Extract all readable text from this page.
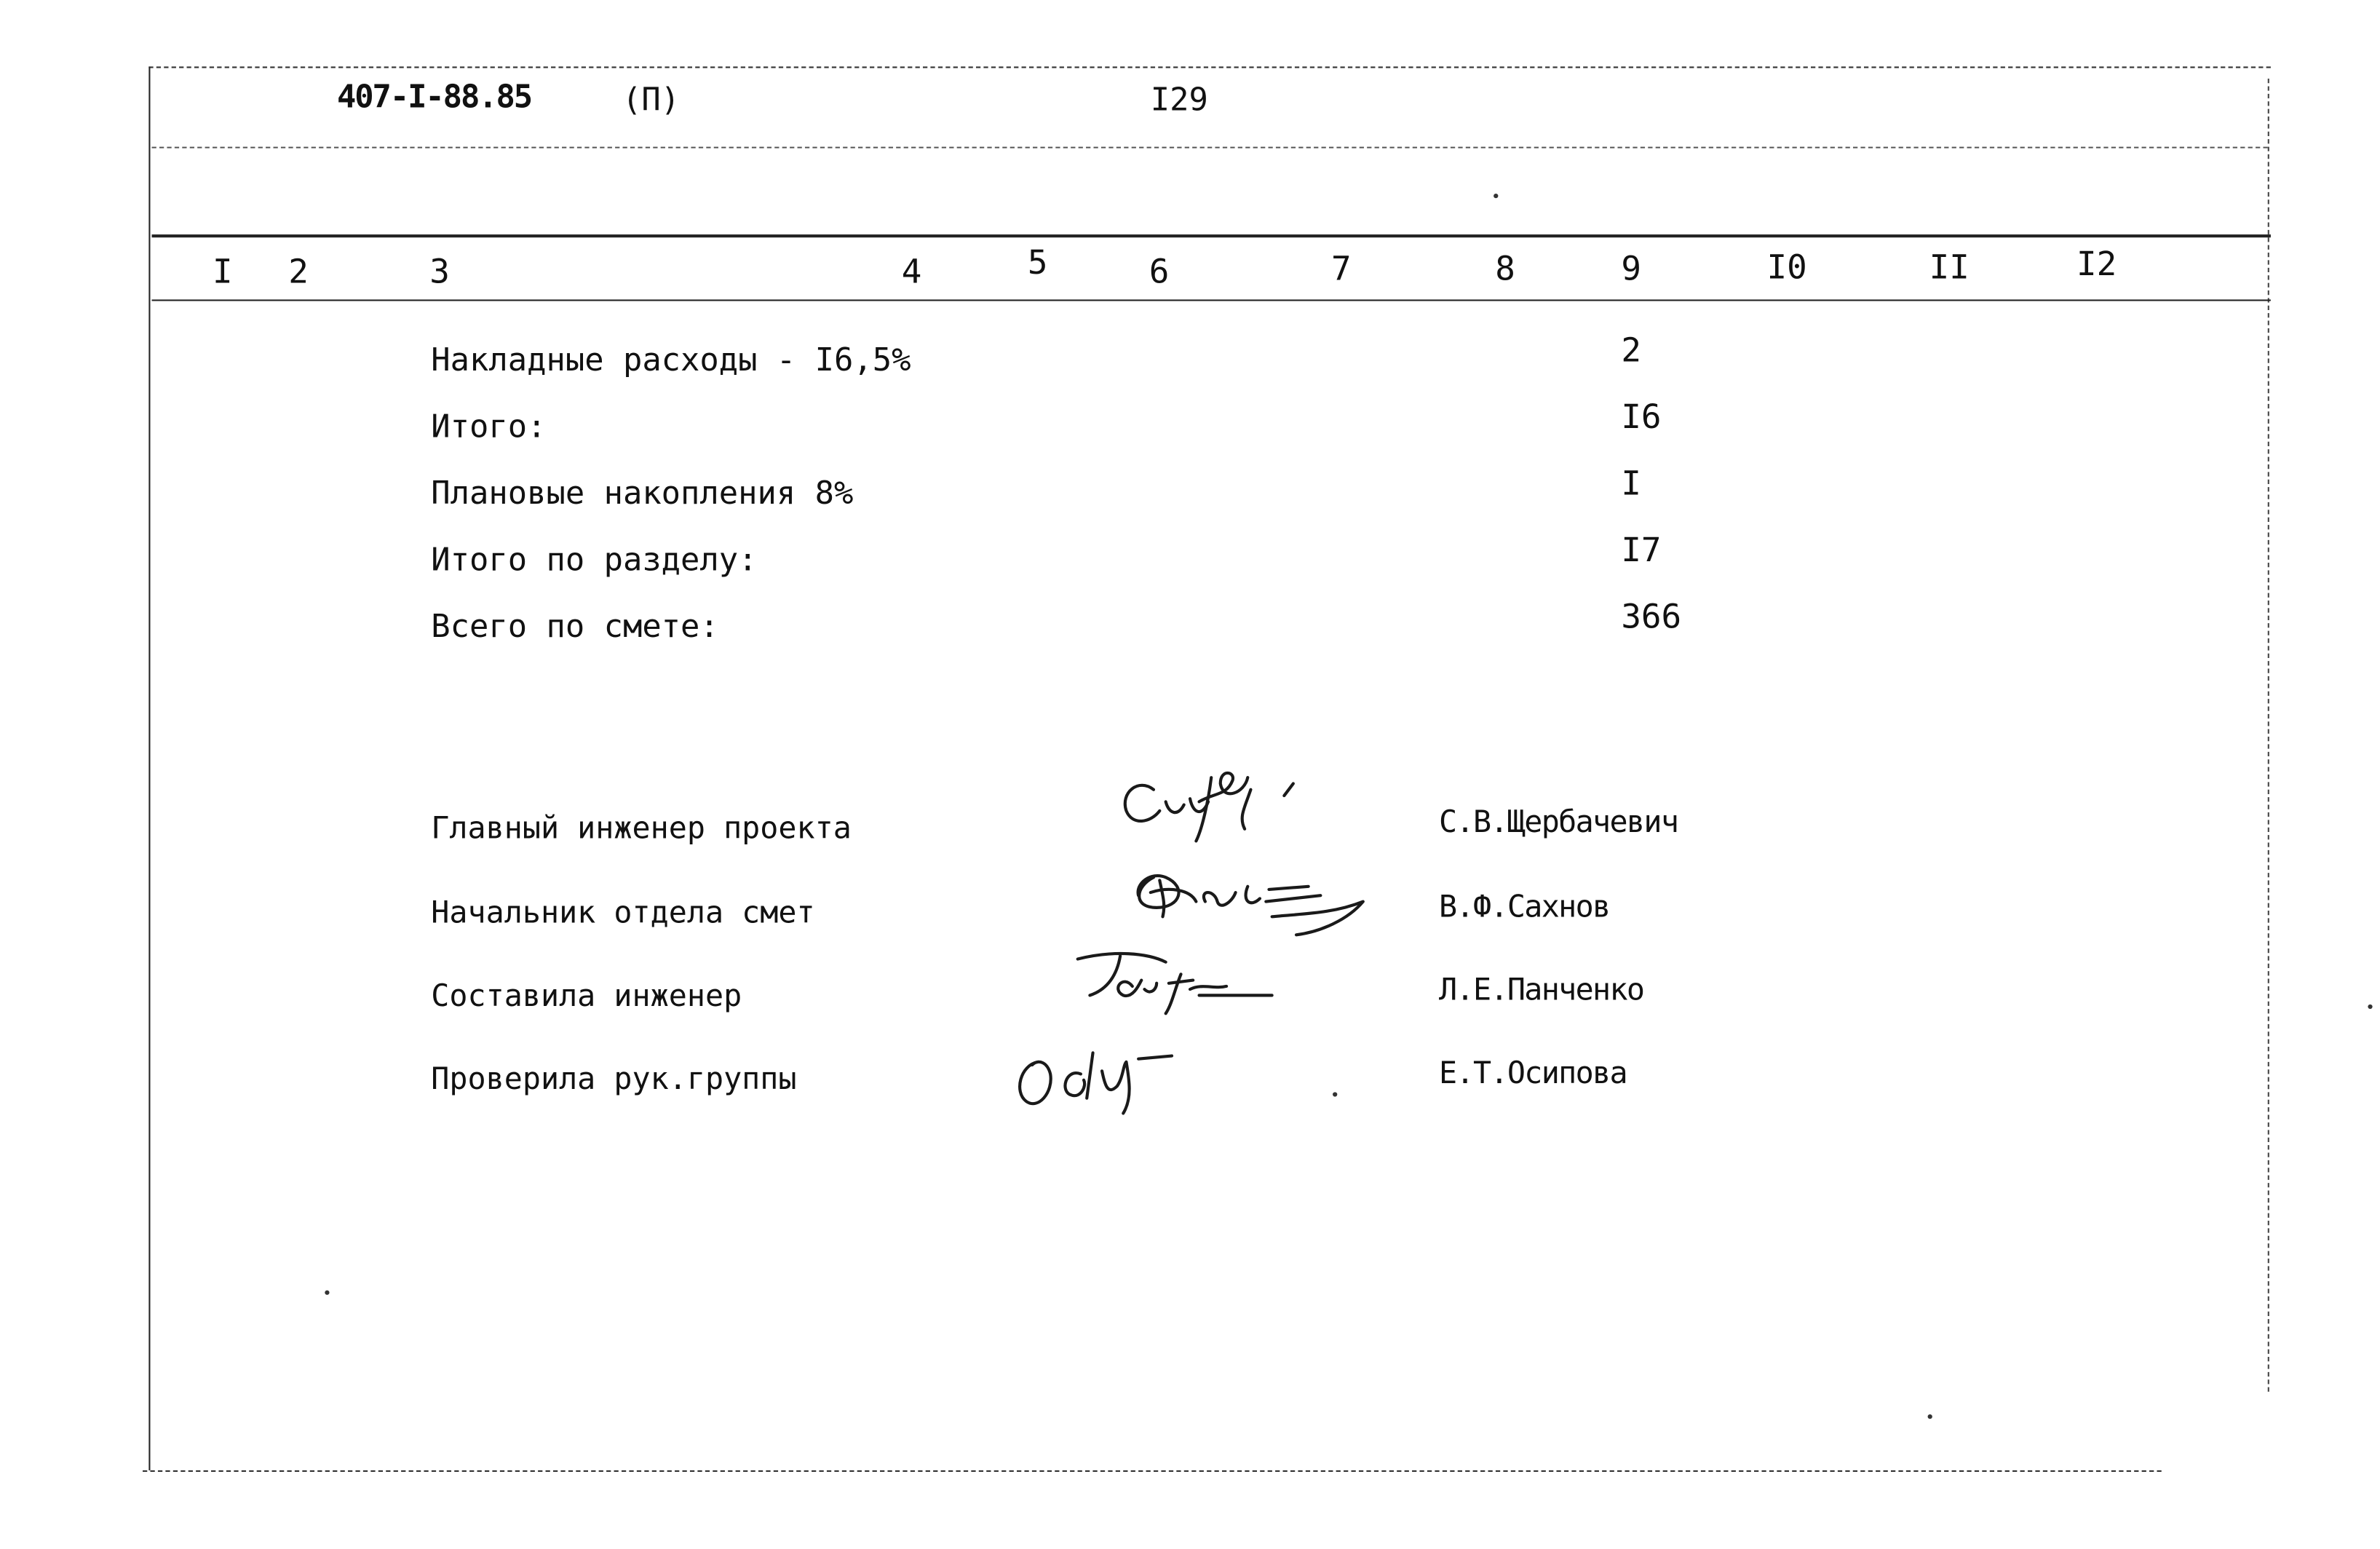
407-I-88.85	(П)	I29
I	2	3	4	5	6	7	8	9	I0	II	I2
Накладные расходы - I6,5%	2
Итого:	I6
Плановые накопления 8%	I
Итого по разделу:	I7
Всего по смете:	366
Главный инженер проекта	С.В.Щербачевич
Начальник отдела смет	В.Ф.Сахнов
Составила инженер	Л.Е.Панченко
Проверила рук.группы	Е.Т.Осипова
